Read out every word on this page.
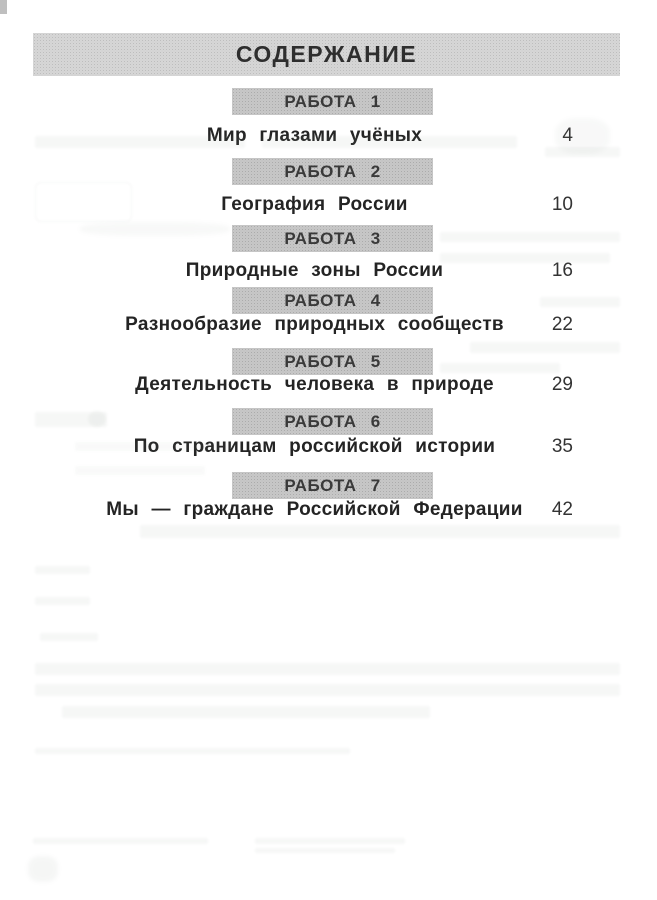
СОДЕРЖАНИЕ
РАБОТА 1
Мир глазами учёных	4
РАБОТА 2
География России	10
РАБОТА 3
Природные зоны России	16
РАБОТА 4
Разнообразие природных сообществ	22
РАБОТА 5
Деятельность человека в природе	29
РАБОТА 6
По страницам российской истории	35
РАБОТА 7
Мы — граждане Российской Федерации	42
